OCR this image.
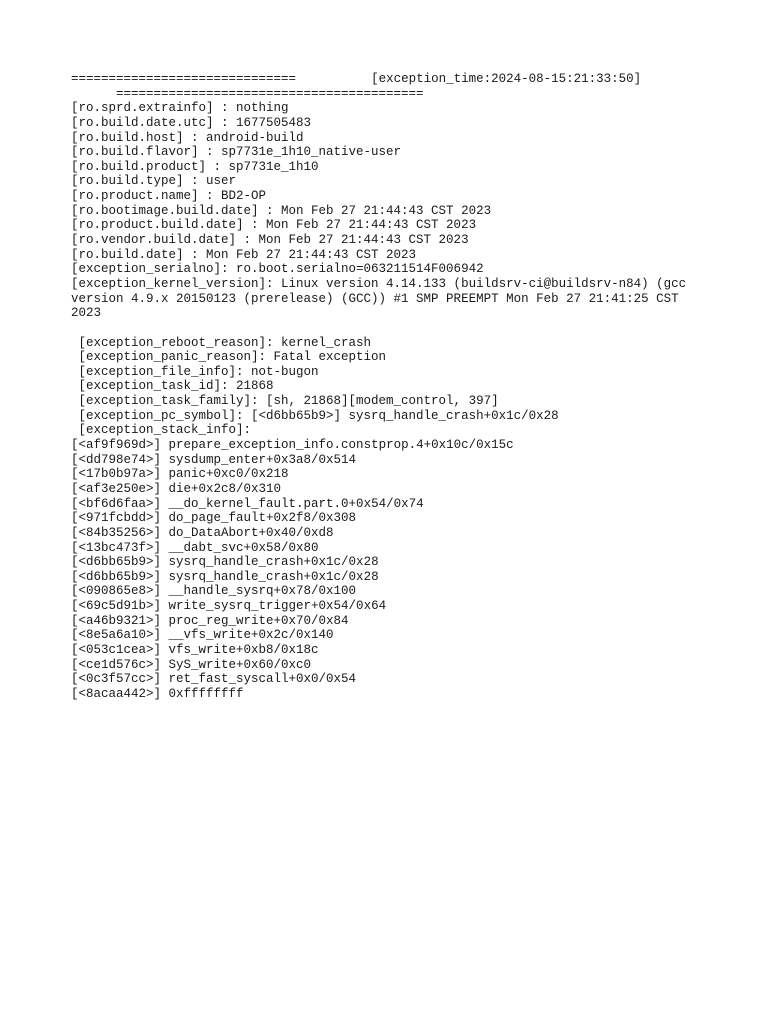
==============================	[exception_time:2024-08-15:21:33:50]
=========================================
[ro.sprd.extrainfo] : nothing
[ro.build.date.utc] : 1677505483
[ro.build.host] : android-build
[ro.build.flavor] : sp7731e_1h10_native-user
[ro.build.product] : sp7731e_1h10
[ro.build.type] : user
[ro.product.name] : BD2-OP
[ro.bootimage.build.date] : Mon Feb 27 21:44:43 CST 2023
[ro.product.build.date] : Mon Feb 27 21:44:43 CST 2023
[ro.vendor.build.date] : Mon Feb 27 21:44:43 CST 2023
[ro.build.date] : Mon Feb 27 21:44:43 CST 2023
[exception_serialno]: ro.boot.serialno=063211514F006942
[exception_kernel_version]: Linux version 4.14.133 (buildsrv-ci@buildsrv-n84) (gcc
version 4.9.x 20150123 (prerelease) (GCC)) #1 SMP PREEMPT Mon Feb 27 21:41:25 CST
2023
[exception_reboot_reason]: kernel_crash
[exception_panic_reason]: Fatal exception
[exception_file_info]: not-bugon
[exception_task_id]: 21868
[exception_task_family]: [sh, 21868][modem_control, 397]
[exception_pc_symbol]: [<d6bb65b9>] sysrq_handle_crash+0x1c/0x28
[exception_stack_info]:
[<af9f969d>] prepare_exception_info.constprop.4+0x10c/0x15c
[<dd798e74>] sysdump_enter+0x3a8/0x514
[<17b0b97a>] panic+0xc0/0x218
[<af3e250e>] die+0x2c8/0x310
[<bf6d6faa>] __do_kernel_fault.part.0+0x54/0x74
[<971fcbdd>] do_page_fault+0x2f8/0x308
[<84b35256>] do_DataAbort+0x40/0xd8
[<13bc473f>] __dabt_svc+0x58/0x80
[<d6bb65b9>] sysrq_handle_crash+0x1c/0x28
[<d6bb65b9>] sysrq_handle_crash+0x1c/0x28
[<090865e8>] __handle_sysrq+0x78/0x100
[<69c5d91b>] write_sysrq_trigger+0x54/0x64
[<a46b9321>] proc_reg_write+0x70/0x84
[<8e5a6a10>] __vfs_write+0x2c/0x140
[<053c1cea>] vfs_write+0xb8/0x18c
[<ce1d576c>] SyS_write+0x60/0xc0
[<0c3f57cc>] ret_fast_syscall+0x0/0x54
[<8acaa442>] 0xffffffff
